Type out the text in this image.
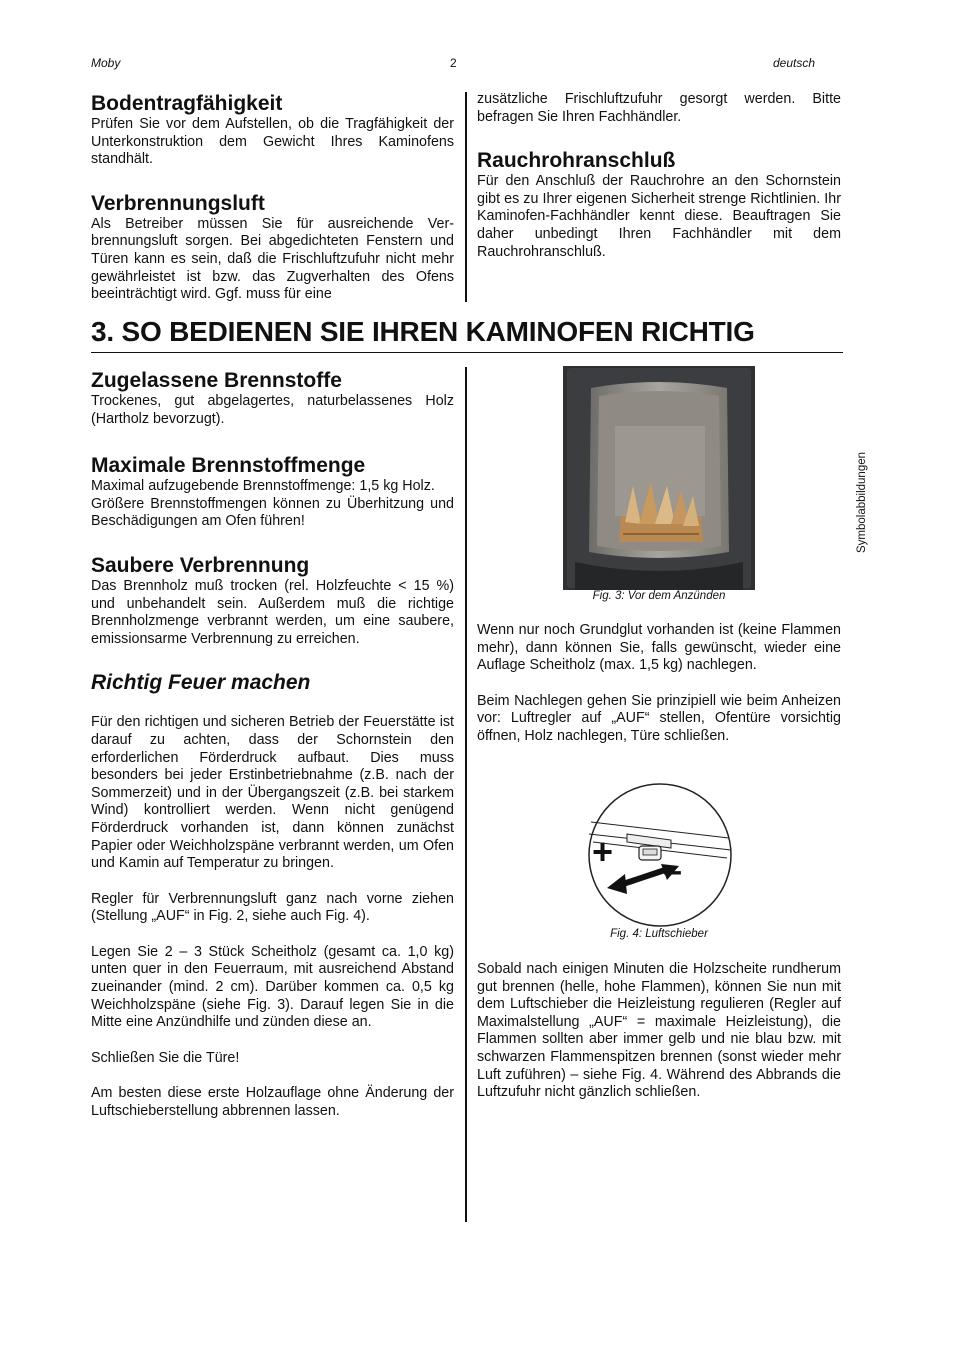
Moby	2	deutsch
Bodentragfähigkeit

Prüfen Sie vor dem Aufstellen, ob die Tragfähigkeit der Unterkonstruktion dem Gewicht Ihres Kaminofens standhält.

Verbrennungsluft

Als Betreiber müssen Sie für ausreichende Ver-brennungsluft sorgen. Bei abgedichteten Fenstern und Türen kann es sein, daß die Frischluftzufuhr nicht mehr gewährleistet ist bzw. das Zugverhalten des Ofens beeinträchtigt wird. Ggf. muss für eine

zusätzliche Frischluftzufuhr gesorgt werden. Bitte befragen Sie Ihren Fachhändler.

Rauchrohranschluß

Für den Anschluß der Rauchrohre an den Schornstein gibt es zu Ihrer eigenen Sicherheit strenge Richtlinien. Ihr Kaminofen-Fachhändler kennt diese. Beauftragen Sie daher unbedingt Ihren Fachhändler mit dem Rauchrohranschluß.

3. SO BEDIENEN SIE IHREN KAMINOFEN RICHTIG
Zugelassene Brennstoffe

Trockenes, gut abgelagertes, naturbelassenes Holz (Hartholz bevorzugt).

Maximale Brennstoffmenge

Maximal aufzugebende Brennstoffmenge: 1,5 kg Holz.

Größere Brennstoffmengen können zu Überhitzung und Beschädigungen am Ofen führen!

Saubere Verbrennung

Das Brennholz muß trocken (rel. Holzfeuchte < 15 %) und unbehandelt sein. Außerdem muß die richtige Brennholzmenge verbrannt werden, um eine saubere, emissionsarme Verbrennung zu erreichen.

Richtig Feuer machen

Für den richtigen und sicheren Betrieb der Feuerstätte ist darauf zu achten, dass der Schornstein den erforderlichen Förderdruck aufbaut. Dies muss besonders bei jeder Erstinbetriebnahme (z.B. nach der Sommerzeit) und in der Übergangszeit (z.B. bei starkem Wind) kontrolliert werden. Wenn nicht genügend Förderdruck vorhanden ist, dann können zunächst Papier oder Weichholzspäne verbrannt werden, um Ofen und Kamin auf Temperatur zu bringen.

Regler für Verbrennungsluft ganz nach vorne ziehen (Stellung „AUF“ in Fig. 2, siehe auch Fig. 4).

Legen Sie 2 – 3 Stück Scheitholz (gesamt ca. 1,0 kg) unten quer in den Feuerraum, mit ausreichend Abstand zueinander (mind. 2 cm). Darüber kommen ca. 0,5 kg Weichholzspäne (siehe Fig. 3). Darauf legen Sie in die Mitte eine Anzündhilfe und zünden diese an.

Schließen Sie die Türe!

Am besten diese erste Holzauflage ohne Änderung der Luftschieberstellung abbrennen lassen.

Fig. 3: Vor dem Anzünden

Wenn nur noch Grundglut vorhanden ist (keine Flammen mehr), dann können Sie, falls gewünscht, wieder eine Auflage Scheitholz (max. 1,5 kg) nachlegen.

Beim Nachlegen gehen Sie prinzipiell wie beim Anheizen vor: Luftregler auf „AUF“ stellen, Ofentüre vorsichtig öffnen, Holz nachlegen, Türe schließen.

+ –
Fig. 4: Luftschieber

Sobald nach einigen Minuten die Holzscheite rundherum gut brennen (helle, hohe Flammen), können Sie nun mit dem Luftschieber die Heizleistung regulieren (Regler auf Maximalstellung „AUF“ = maximale Heizleistung), die Flammen sollten aber immer gelb und nie blau bzw. mit schwarzen Flammenspitzen brennen (sonst wieder mehr Luft zuführen) – siehe Fig. 4. Während des Abbrands die Luftzufuhr nicht gänzlich schließen.

Symbolabbildungen
